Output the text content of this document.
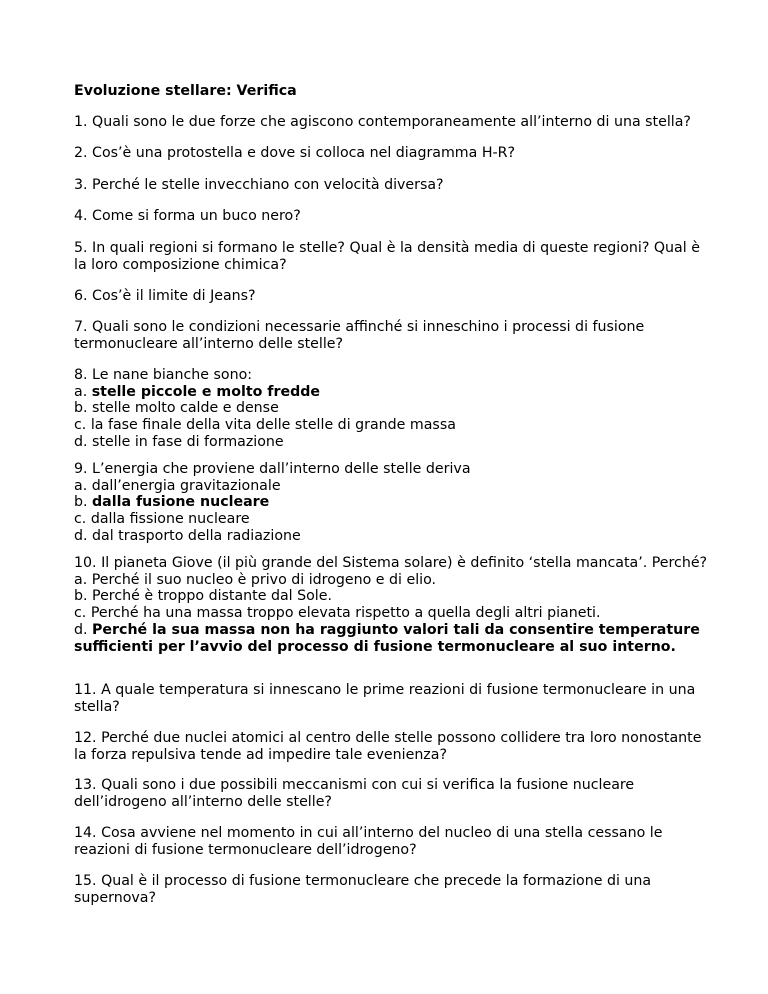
Evoluzione stellare: Verifica

1. Quali sono le due forze che agiscono contemporaneamente all’interno di una stella?

2. Cos’è una protostella e dove si colloca nel diagramma H-R?

3. Perché le stelle invecchiano con velocità diversa?

4. Come si forma un buco nero?

5. In quali regioni si formano le stelle? Qual è la densità media di queste regioni? Qual è la loro composizione chimica?

6. Cos’è il limite di Jeans?

7. Quali sono le condizioni necessarie affinché si inneschino i processi di fusione termonucleare all’interno delle stelle?

8. Le nane bianche sono:

a. stelle piccole e molto fredde

b. stelle molto calde e dense

c. la fase finale della vita delle stelle di grande massa

d. stelle in fase di formazione

9. L’energia che proviene dall’interno delle stelle deriva

a. dall’energia gravitazionale

b. dalla fusione nucleare

c. dalla fissione nucleare

d. dal trasporto della radiazione

10. Il pianeta Giove (il più grande del Sistema solare) è definito ‘stella mancata’. Perché?

a. Perché il suo nucleo è privo di idrogeno e di elio.

b. Perché è troppo distante dal Sole.

c. Perché ha una massa troppo elevata rispetto a quella degli altri pianeti.

d. Perché la sua massa non ha raggiunto valori tali da consentire temperature sufficienti per l’avvio del processo di fusione termonucleare al suo interno.

11. A quale temperatura si innescano le prime reazioni di fusione termonucleare in una stella?

12. Perché due nuclei atomici al centro delle stelle possono collidere tra loro nonostante la forza repulsiva tende ad impedire tale evenienza?

13. Quali sono i due possibili meccanismi con cui si verifica la fusione nucleare dell’idrogeno all’interno delle stelle?

14. Cosa avviene nel momento in cui all’interno del nucleo di una stella cessano le reazioni di fusione termonucleare dell’idrogeno?

15. Qual è il processo di fusione termonucleare che precede la formazione di una supernova?
